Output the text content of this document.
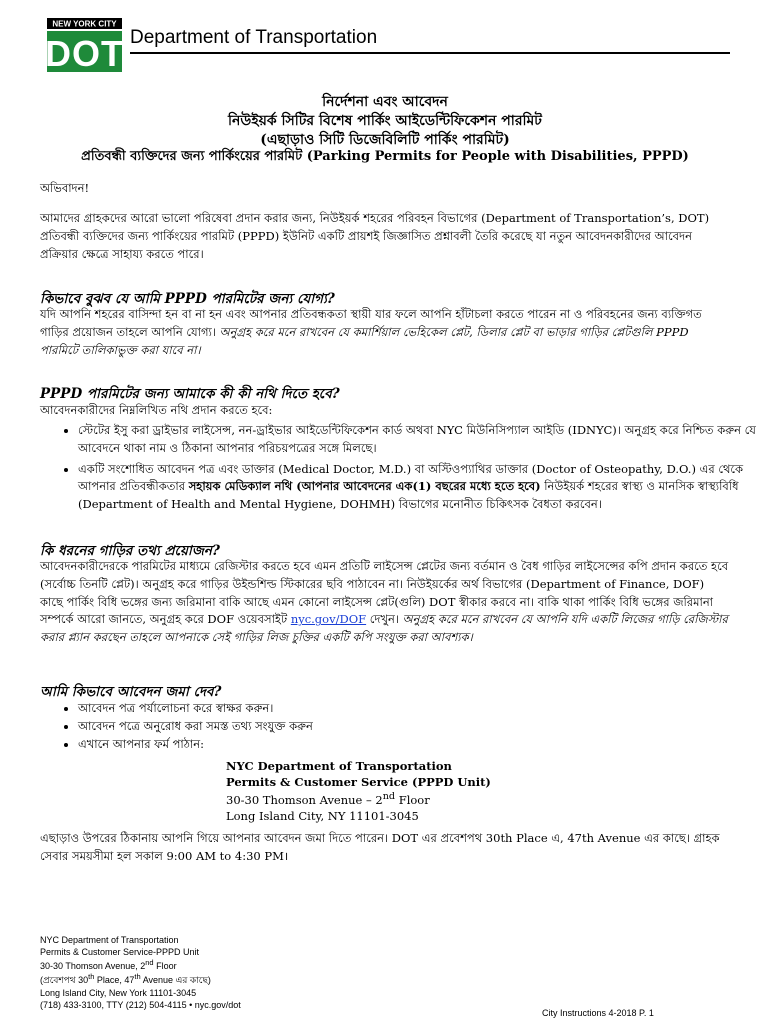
NEW YORK CITY
DOT Department of Transportation
নির্দেশনা এবং আবেদন
নিউইয়র্ক সিটির বিশেষ পার্কিং আইডেন্টিফিকেশন পারমিট
(এছাড়াও সিটি ডিজেবিলিটি পার্কিং পারমিট)
প্রতিবন্ধী ব্যক্তিদের জন্য পার্কিংয়ের পারমিট (Parking Permits for People with Disabilities, PPPD)
অভিবাদন!
আমাদের গ্রাহকদের আরো ভালো পরিষেবা প্রদান করার জন্য, নিউইয়র্ক শহরের পরিবহন বিভাগের (Department of Transportation’s, DOT) প্রতিবন্ধী ব্যক্তিদের জন্য পার্কিংয়ের পারমিট (PPPD) ইউনিট একটি প্রায়শই জিজ্ঞাসিত প্রশ্নাবলী তৈরি করেছে যা নতুন আবেদনকারীদের আবেদন প্রক্রিয়ার ক্ষেত্রে সাহায্য করতে পারে।
কিভাবে বুঝব যে আমি PPPD পারমিটের জন্য যোগ্য?
যদি আপনি শহরের বাসিন্দা হন বা না হন এবং আপনার প্রতিবন্ধকতা স্থায়ী যার ফলে আপনি হাঁটাচলা করতে পারেন না ও পরিবহনের জন্য ব্যক্তিগত গাড়ির প্রয়োজন তাহলে আপনি যোগ্য। অনুগ্রহ করে মনে রাখবেন যে কমার্শিয়াল ভেহিকেল প্লেট, ডিলার প্লেট বা ভাড়ার গাড়ির প্লেটগুলি PPPD পারমিটে তালিকাভুক্ত করা যাবে না।
PPPD পারমিটের জন্য আমাকে কী কী নথি দিতে হবে?
আবেদনকারীদের নিম্নলিখিত নথি প্রদান করতে হবে:
• স্টেটের ইসু করা ড্রাইভার লাইসেন্স, নন-ড্রাইভার আইডেন্টিফিকেশন কার্ড অথবা NYC মিউনিসিপ্যাল আইডি (IDNYC)। অনুগ্রহ করে নিশ্চিত করুন যে আবেদনে থাকা নাম ও ঠিকানা আপনার পরিচয়পত্রের সঙ্গে মিলছে।
• একটি সংশোধিত আবেদন পত্র এবং ডাক্তার (Medical Doctor, M.D.) বা অস্টিওপ্যাথির ডাক্তার (Doctor of Osteopathy, D.O.) এর থেকে আপনার প্রতিবন্ধীকতার সহায়ক মেডিক্যাল নথি (আপনার আবেদনের এক(1) বছরের মধ্যে হতে হবে) নিউইয়র্ক শহরের স্বাস্থ্য ও মানসিক স্বাস্থ্যবিধি (Department of Health and Mental Hygiene, DOHMH) বিভাগের মনোনীত চিকিৎসক বৈধতা করবেন।
কি ধরনের গাড়ির তথ্য প্রয়োজন?
আবেদনকারীদেরকে পারমিটের মাধ্যমে রেজিস্টার করতে হবে এমন প্রতিটি লাইসেন্স প্লেটের জন্য বর্তমান ও বৈধ গাড়ির লাইসেন্সের কপি প্রদান করতে হবে (সর্বোচ্চ তিনটি প্লেট)। অনুগ্রহ করে গাড়ির উইন্ডশিল্ড স্টিকারের ছবি পাঠাবেন না। নিউইয়র্কের অর্থ বিভাগের (Department of Finance, DOF) কাছে পার্কিং বিধি ভঙ্গের জন্য জরিমানা বাকি আছে এমন কোনো লাইসেন্স প্লেট(গুলি) DOT স্বীকার করবে না। বাকি থাকা পার্কিং বিধি ভঙ্গের জরিমানা সম্পর্কে আরো জানতে, অনুগ্রহ করে DOF ওয়েবসাইট nyc.gov/DOF দেখুন। অনুগ্রহ করে মনে রাখবেন যে আপনি যদি একটি লিজের গাড়ি রেজিস্টার করার প্ল্যান করছেন তাহলে আপনাকে সেই গাড়ির লিজ চুক্তির একটি কপি সংযুক্ত করা আবশ্যক।
আমি কিভাবে আবেদন জমা দেব?
• আবেদন পত্র পর্যালোচনা করে স্বাক্ষর করুন।
• আবেদন পত্রে অনুরোধ করা সমস্ত তথ্য সংযুক্ত করুন
• এখানে আপনার ফর্ম পাঠান:
NYC Department of Transportation
Permits & Customer Service (PPPD Unit)
30-30 Thomson Avenue – 2nd Floor
Long Island City, NY 11101-3045
এছাড়াও উপরের ঠিকানায় আপনি গিয়ে আপনার আবেদন জমা দিতে পারেন। DOT এর প্রবেশপথ 30th Place এ, 47th Avenue এর কাছে। গ্রাহক সেবার সময়সীমা হল সকাল 9:00 AM to 4:30 PM।
NYC Department of Transportation
Permits & Customer Service-PPPD Unit
30-30 Thomson Avenue, 2nd Floor
(প্রবেশপথ 30th Place, 47th Avenue এর কাছে)
Long Island City, New York 11101-3045
(718) 433-3100, TTY (212) 504-4115 • nyc.gov/dot
City Instructions 4-2018 P. 1
